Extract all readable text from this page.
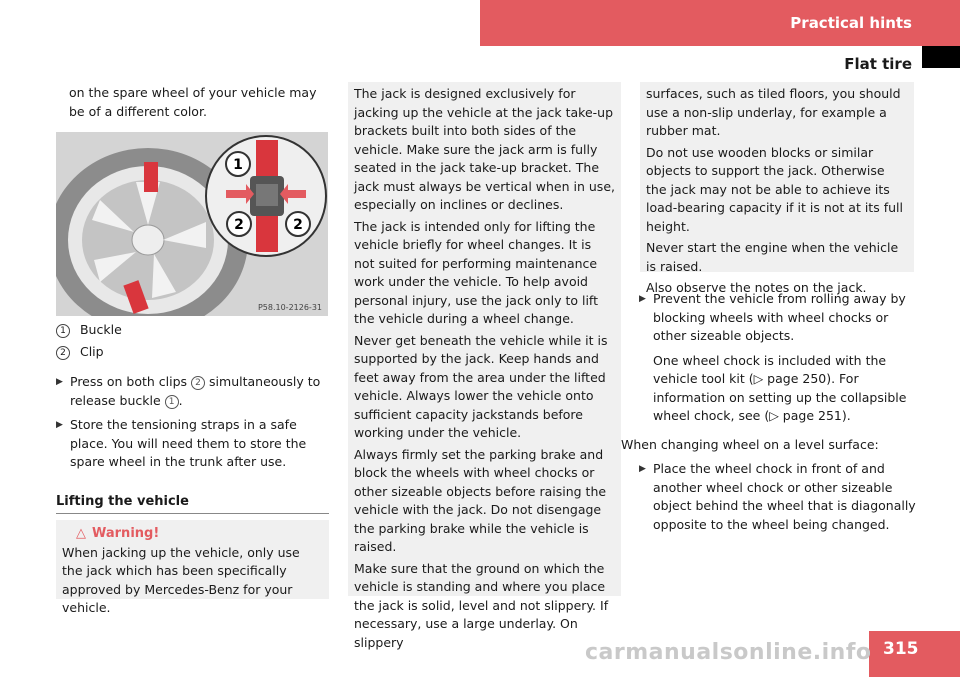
Practical hints
Flat tire

on the spare wheel of your vehicle may be of a different color.

1
2	2
P58.10-2126-31
1 Buckle
2 Clip

▶ Press on both clips 2 simultaneously to release buckle 1 .

▶ Store the tensioning straps in a safe place. You will need them to store the spare wheel in the trunk after use.

Lifting the vehicle
△ Warning!

When jacking up the vehicle, only use the jack which has been specifically approved by Mercedes-Benz for your vehicle.

The jack is designed exclusively for jacking up the vehicle at the jack take-up brackets built into both sides of the vehicle. Make sure the jack arm is fully seated in the jack take-up bracket. The jack must always be vertical when in use, especially on inclines or declines.

The jack is intended only for lifting the vehicle briefly for wheel changes. It is not suited for performing maintenance work under the vehicle. To help avoid personal injury, use the jack only to lift the vehicle during a wheel change.

Never get beneath the vehicle while it is supported by the jack. Keep hands and feet away from the area under the lifted vehicle. Always lower the vehicle onto sufficient capacity jackstands before working under the vehicle.

Always firmly set the parking brake and block the wheels with wheel chocks or other sizeable objects before raising the vehicle with the jack. Do not disengage the parking brake while the vehicle is raised.

Make sure that the ground on which the vehicle is standing and where you place the jack is solid, level and not slippery. If necessary, use a large underlay. On slippery

surfaces, such as tiled floors, you should use a non-slip underlay, for example a rubber mat.

Do not use wooden blocks or similar objects to support the jack. Otherwise the jack may not be able to achieve its load-bearing capacity if it is not at its full height.

Never start the engine when the vehicle is raised.

Also observe the notes on the jack.

▶ Prevent the vehicle from rolling away by blocking wheels with wheel chocks or other sizeable objects.

One wheel chock is included with the vehicle tool kit (▷ page 250). For information on setting up the collapsible wheel chock, see (▷ page 251).

When changing wheel on a level surface:

▶ Place the wheel chock in front of and another wheel chock or other sizeable object behind the wheel that is diagonally opposite to the wheel being changed.

315
carmanualsonline.info
